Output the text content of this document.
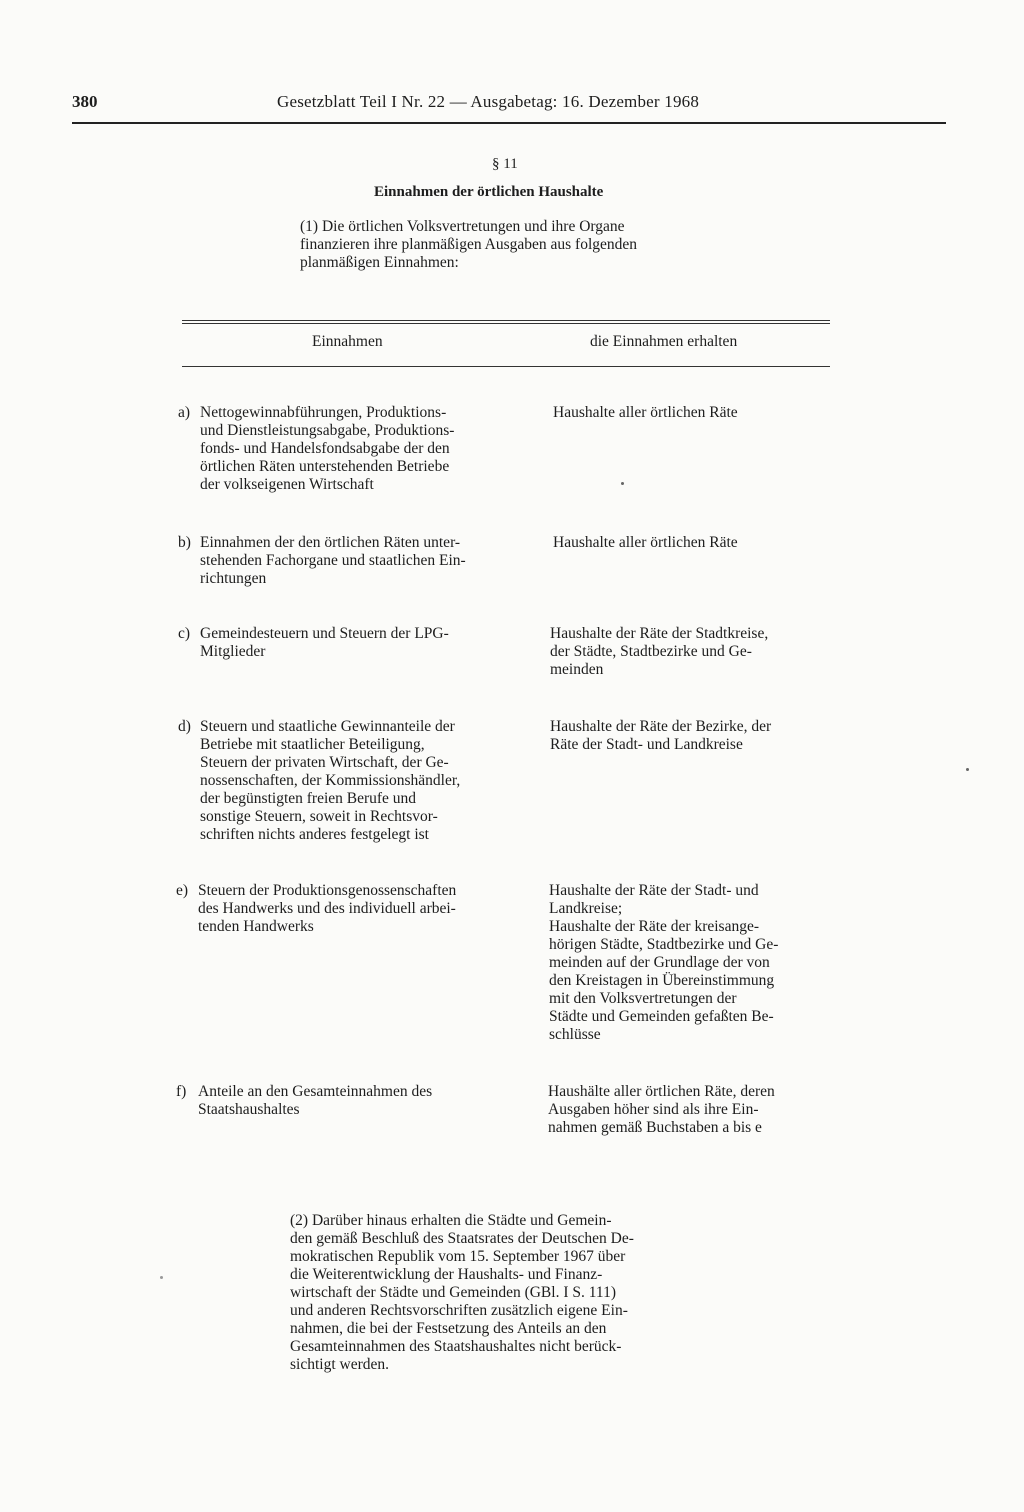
380	Gesetzblatt Teil I Nr. 22 — Ausgabetag: 16. Dezember 1968
§ 11
Einnahmen der örtlichen Haushalte

(1) Die örtlichen Volksvertretungen und ihre Organe
finanzieren ihre planmäßigen Ausgaben aus folgenden
planmäßigen Einnahmen:

Einnahmen	die Einnahmen erhalten
a) Nettogewinnabführungen, Produktions-
und Dienstleistungsabgabe, Produktions-
fonds- und Handelsfondsabgabe der den
örtlichen Räten unterstehenden Betriebe
der volkseigenen Wirtschaft
Haushalte aller örtlichen Räte
b) Einnahmen der den örtlichen Räten unter-
stehenden Fachorgane und staatlichen Ein-
richtungen
Haushalte aller örtlichen Räte
c) Gemeindesteuern und Steuern der LPG-
Mitglieder
Haushalte der Räte der Stadtkreise,
der Städte, Stadtbezirke und Ge-
meinden
d) Steuern und staatliche Gewinnanteile der
Betriebe mit staatlicher Beteiligung,
Steuern der privaten Wirtschaft, der Ge-
nossenschaften, der Kommissionshändler,
der begünstigten freien Berufe und
sonstige Steuern, soweit in Rechtsvor-
schriften nichts anderes festgelegt ist
Haushalte der Räte der Bezirke, der
Räte der Stadt- und Landkreise
e) Steuern der Produktionsgenossenschaften
des Handwerks und des individuell arbei-
tenden Handwerks
Haushalte der Räte der Stadt- und
Landkreise;
Haushalte der Räte der kreisange-
hörigen Städte, Stadtbezirke und Ge-
meinden auf der Grundlage der von
den Kreistagen in Übereinstimmung
mit den Volksvertretungen der
Städte und Gemeinden gefaßten Be-
schlüsse
f) Anteile an den Gesamteinnahmen des
Staatshaushaltes
Haushälte aller örtlichen Räte, deren
Ausgaben höher sind als ihre Ein-
nahmen gemäß Buchstaben a bis e

(2) Darüber hinaus erhalten die Städte und Gemein-
den gemäß Beschluß des Staatsrates der Deutschen De-
mokratischen Republik vom 15. September 1967 über
die Weiterentwicklung der Haushalts- und Finanz-
wirtschaft der Städte und Gemeinden (GBl. I S. 111)
und anderen Rechtsvorschriften zusätzlich eigene Ein-
nahmen, die bei der Festsetzung des Anteils an den
Gesamteinnahmen des Staatshaushaltes nicht berück-
sichtigt werden.
